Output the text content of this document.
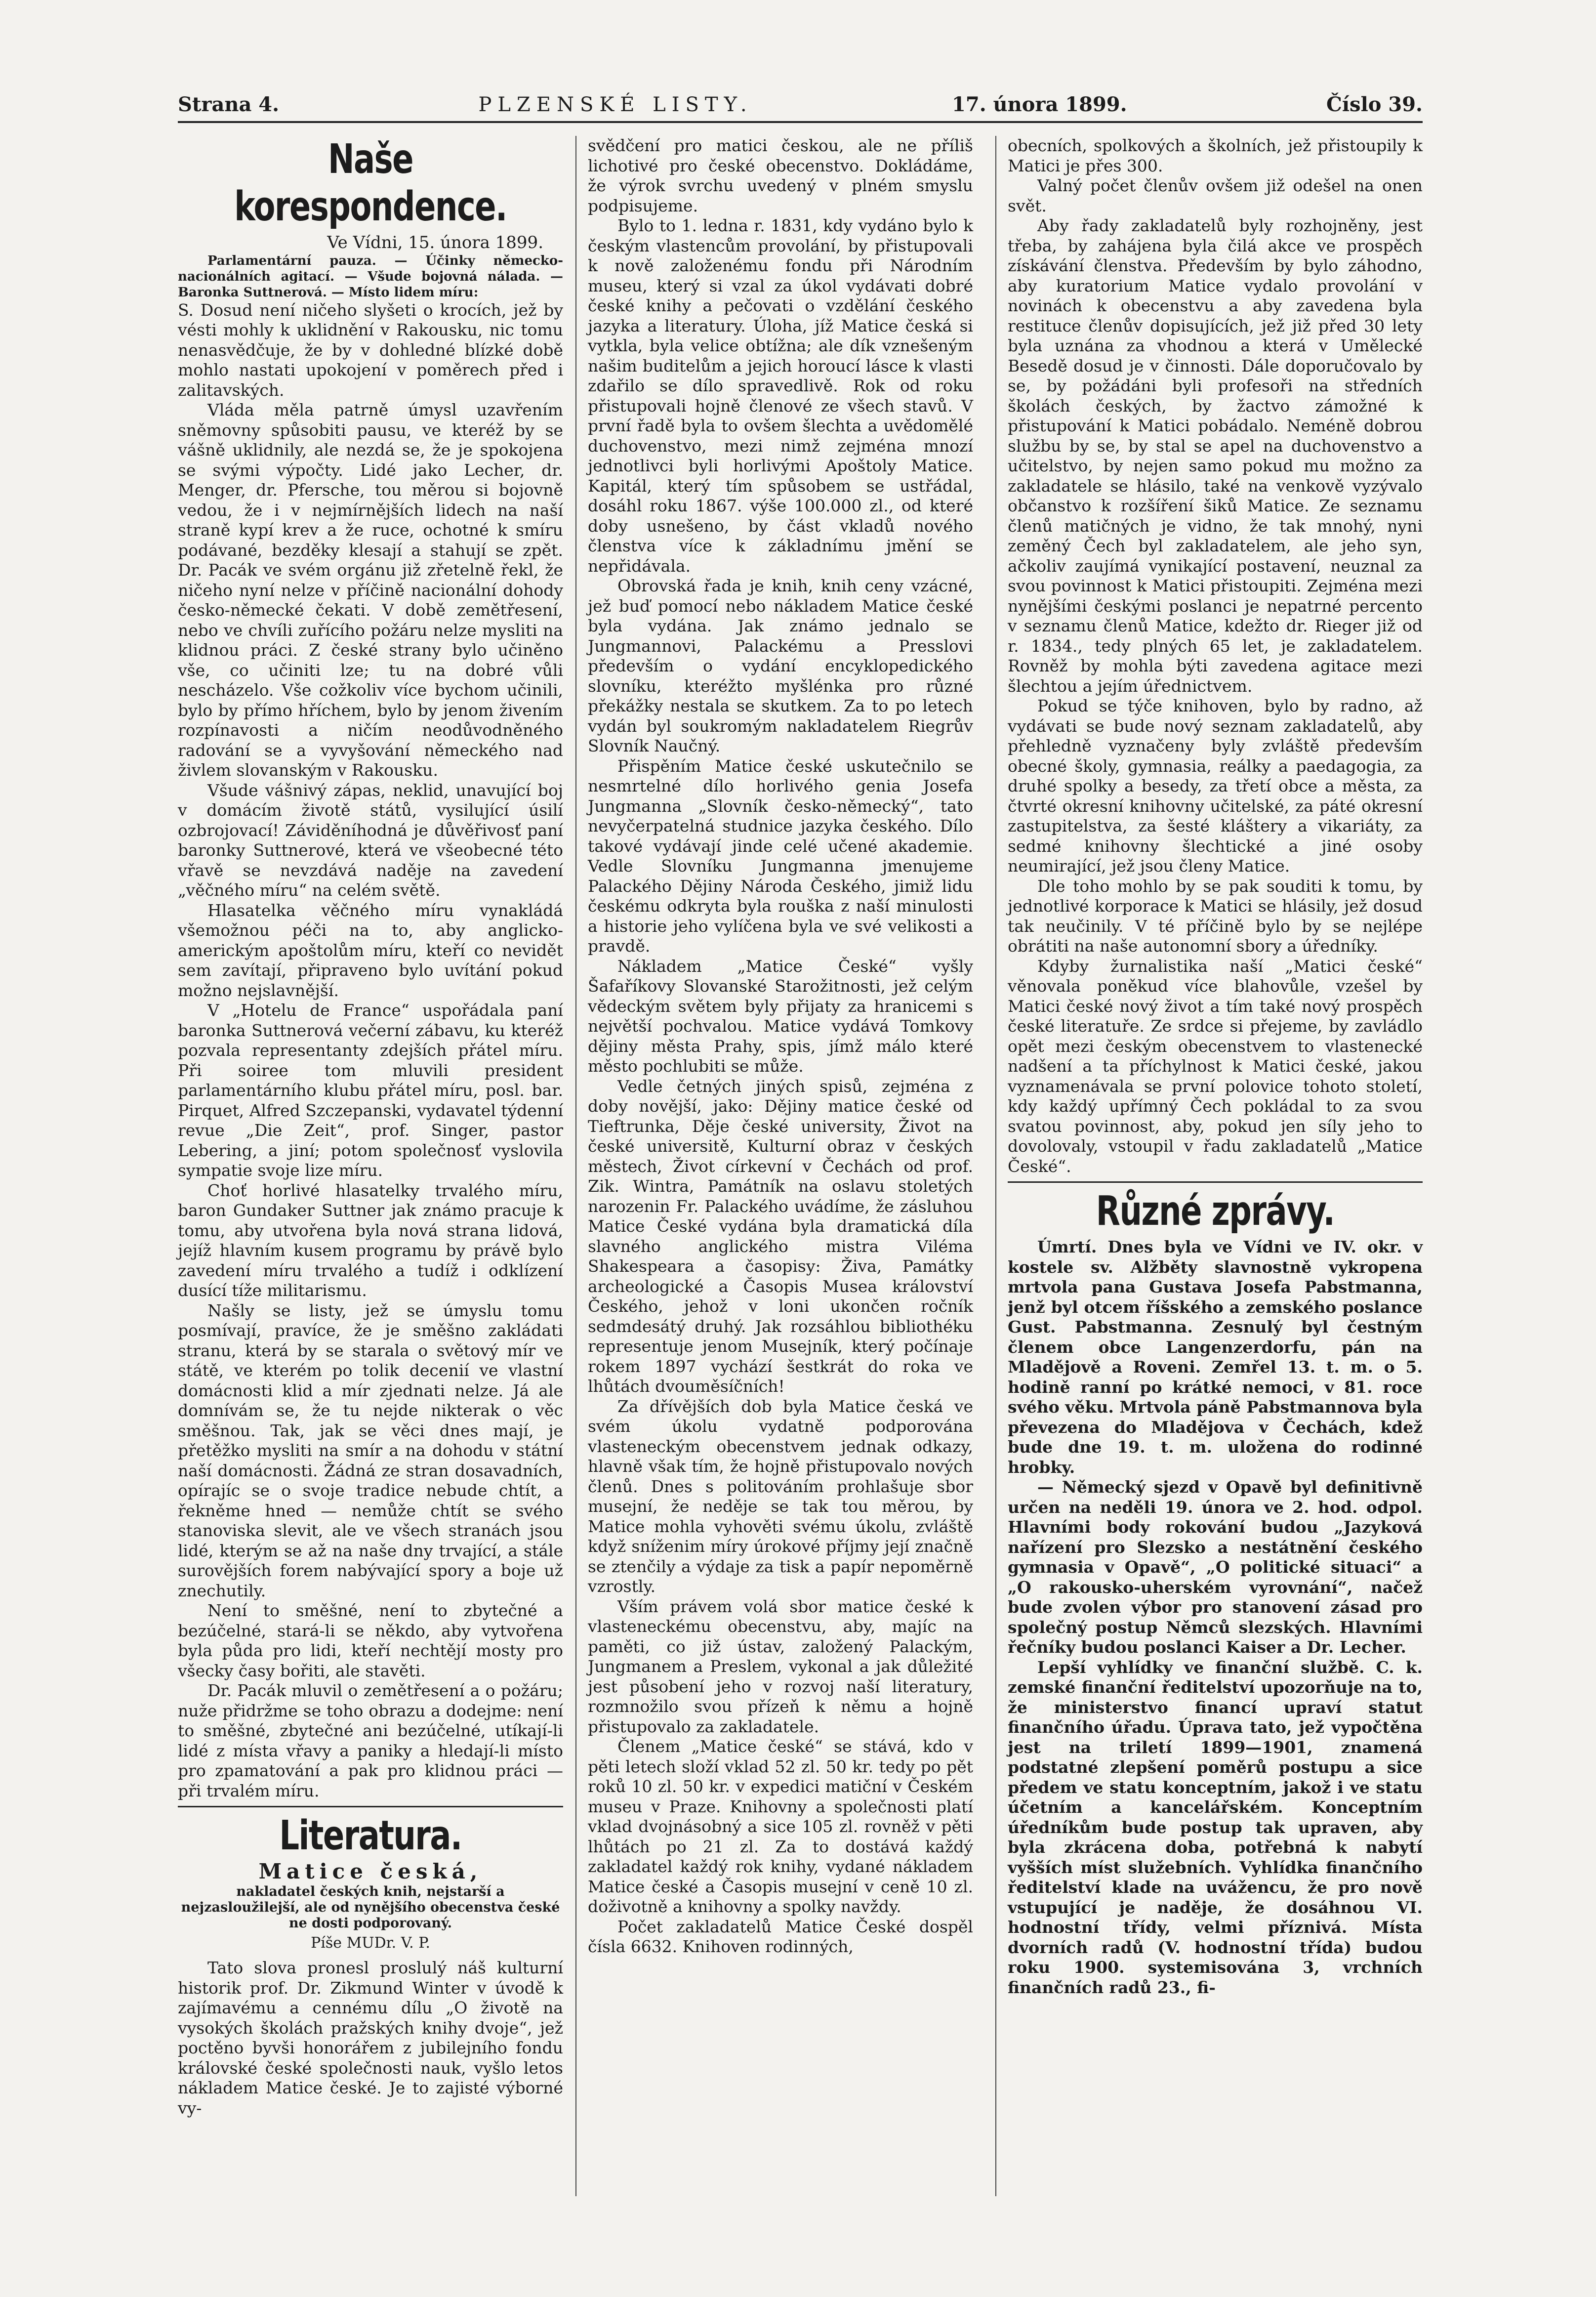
Strana 4.	PLZENSKÉ LISTY.	17. února 1899.	Číslo 39.
Naše korespondence.
Ve Vídni, 15. února 1899.

Parlamentární pauza. — Účinky německo-nacionálních agitací. — Všude bojovná nálada. — Baronka Suttnerová. — Místo lidem míru:

S. Dosud není ničeho slyšeti o krocích, jež by vésti mohly k uklidnění v Rakousku, nic tomu nenasvědčuje, že by v dohledné blízké době mohlo nastati upokojení v poměrech před i zalitavských.

Vláda měla patrně úmysl uzavřením sněmovny spůsobiti pausu, ve kteréž by se vášně uklidnily, ale nezdá se, že je spokojena se svými výpočty. Lidé jako Lecher, dr. Menger, dr. Pfersche, tou měrou si bojovně vedou, že i v nejmírnějších lidech na naší straně kypí krev a že ruce, ochotné k smíru podávané, bezděky klesají a stahují se zpět. Dr. Pacák ve svém orgánu již zřetelně řekl, že ničeho nyní nelze v příčině nacionální dohody česko-německé čekati. V době zemětřesení, nebo ve chvíli zuřícího požáru nelze mysliti na klidnou práci. Z české strany bylo učiněno vše, co učiniti lze; tu na dobré vůli nescházelo. Vše cožkoliv více bychom učinili, bylo by přímo hříchem, bylo by jenom živením rozpínavosti a ničím neodůvodněného radování se a vyvyšování německého nad živlem slovanským v Rakousku.

Všude vášnivý zápas, neklid, unavující boj v domácím životě států, vysilující úsilí ozbrojovací! Záviděníhodná je důvěřivosť paní baronky Suttnerové, která ve všeobecné této vřavě se nevzdává naděje na zavedení „věčného míru“ na celém světě.

Hlasatelka věčného míru vynakládá všemožnou péči na to, aby anglicko-americkým apoštolům míru, kteří co nevidět sem zavítají, připraveno bylo uvítání pokud možno nejslavnější.

V „Hotelu de France“ uspořádala paní baronka Suttnerová večerní zábavu, ku kteréž pozvala representanty zdejších přátel míru. Při soiree tom mluvili president parlamentárního klubu přátel míru, posl. bar. Pirquet, Alfred Szczepanski, vydavatel týdenní revue „Die Zeit“, prof. Singer, pastor Lebering, a jiní; potom společnosť vyslovila sympatie svoje lize míru.

Choť horlivé hlasatelky trvalého míru, baron Gundaker Suttner jak známo pracuje k tomu, aby utvořena byla nová strana lidová, jejíž hlavním kusem programu by právě bylo zavedení míru trvalého a tudíž i odklízení dusící tíže militarismu.

Našly se listy, jež se úmyslu tomu posmívají, pravíce, že je směšno zakládati stranu, která by se starala o světový mír ve státě, ve kterém po tolik decenií ve vlastní domácnosti klid a mír zjednati nelze. Já ale domnívám se, že tu nejde nikterak o věc směšnou. Tak, jak se věci dnes mají, je přetěžko mysliti na smír a na dohodu v státní naší domácnosti. Žádná ze stran dosavadních, opírajíc se o svoje tradice nebude chtít, a řekněme hned — nemůže chtít se svého stanoviska slevit, ale ve všech stranách jsou lidé, kterým se až na naše dny trvající, a stále surovějších forem nabývající spory a boje už znechutily.

Není to směšné, není to zbytečné a bezúčelné, stará-li se někdo, aby vytvořena byla půda pro lidi, kteří nechtějí mosty pro všecky časy bořiti, ale stavěti.

Dr. Pacák mluvil o zemětřesení a o požáru; nuže přidržme se toho obrazu a dodejme: není to směšné, zbytečné ani bezúčelné, utíkají-li lidé z místa vřavy a paniky a hledají-li místo pro zpamatování a pak pro klidnou práci — při trvalém míru.

Literatura.
Matice česká,
nakladatel českých knih, nejstarší a nejzasloužilejší, ale od nynějšího obecenstva české ne dosti podporovaný.
Píše MUDr. V. P.

Tato slova pronesl proslulý náš kulturní historik prof. Dr. Zikmund Winter v úvodě k zajímavému a cennému dílu „O životě na vysokých školách pražských knihy dvoje“, jež poctěno byvši honorářem z jubilejního fondu královské české společnosti nauk, vyšlo letos nákladem Matice české. Je to zajisté výborné vy-

svědčení pro matici českou, ale ne příliš lichotivé pro české obecenstvo. Dokládáme, že výrok svrchu uvedený v plném smyslu podpisujeme.

Bylo to 1. ledna r. 1831, kdy vydáno bylo k českým vlastencům provolání, by přistupovali k nově založenému fondu při Národním museu, který si vzal za úkol vydávati dobré české knihy a pečovati o vzdělání českého jazyka a literatury. Úloha, jíž Matice česká si vytkla, byla velice obtížna; ale dík vznešeným našim buditelům a jejich horoucí lásce k vlasti zdařilo se dílo spravedlivě. Rok od roku přistupovali hojně členové ze všech stavů. V první řadě byla to ovšem šlechta a uvědomělé duchovenstvo, mezi nimž zejména mnozí jednotlivci byli horlivými Apoštoly Matice. Kapitál, který tím spůsobem se ustřádal, dosáhl roku 1867. výše 100.000 zl., od které doby usnešeno, by část vkladů nového členstva více k základnímu jmění se nepřidávala.

Obrovská řada je knih, knih ceny vzácné, jež buď pomocí nebo nákladem Matice české byla vydána. Jak známo jednalo se Jungmannovi, Palackému a Presslovi především o vydání encyklopedického slovníku, kteréžto myšlénka pro různé překážky nestala se skutkem. Za to po letech vydán byl soukromým nakladatelem Riegrův Slovník Naučný.

Přispěním Matice české uskutečnilo se nesmrtelné dílo horlivého genia Josefa Jungmanna „Slovník česko-německý“, tato nevyčerpatelná studnice jazyka českého. Dílo takové vydávají jinde celé učené akademie. Vedle Slovníku Jungmanna jmenujeme Palackého Dějiny Národa Českého, jimiž lidu českému odkryta byla rouška z naší minulosti a historie jeho vylíčena byla ve své velikosti a pravdě.

Nákladem „Matice České“ vyšly Šafaříkovy Slovanské Starožitnosti, jež celým vědeckým světem byly přijaty za hranicemi s největší pochvalou. Matice vydává Tomkovy dějiny města Prahy, spis, jímž málo které město pochlubiti se může.

Vedle četných jiných spisů, zejména z doby novější, jako: Dějiny matice české od Tieftrunka, Děje české university, Život na české universitě, Kulturní obraz v českých městech, Život církevní v Čechách od prof. Zik. Wintra, Památník na oslavu stoletých narozenin Fr. Palackého uvádíme, že zásluhou Matice České vydána byla dramatická díla slavného anglického mistra Viléma Shakespeara a časopisy: Živa, Památky archeologické a Časopis Musea království Českého, jehož v loni ukončen ročník sedmdesátý druhý. Jak rozsáhlou bibliothéku representuje jenom Musejník, který počínaje rokem 1897 vychází šestkrát do roka ve lhůtách dvouměsíčních!

Za dřívějších dob byla Matice česká ve svém úkolu vydatně podporována vlasteneckým obecenstvem jednak odkazy, hlavně však tím, že hojně přistupovalo nových členů. Dnes s politováním prohlašuje sbor musejní, že neděje se tak tou měrou, by Matice mohla vyhověti svému úkolu, zvláště když sníženim míry úrokové příjmy její značně se ztenčily a výdaje za tisk a papír nepoměrně vzrostly.

Vším právem volá sbor matice české k vlasteneckému obecenstvu, aby, majíc na paměti, co již ústav, založený Palackým, Jungmanem a Preslem, vykonal a jak důležité jest působení jeho v rozvoj naší literatury, rozmnožilo svou přízeň k němu a hojně přistupovalo za zakladatele.

Členem „Matice české“ se stává, kdo v pěti letech složí vklad 52 zl. 50 kr. tedy po pět roků 10 zl. 50 kr. v expedici matiční v Českém museu v Praze. Knihovny a společnosti platí vklad dvojnásobný a sice 105 zl. rovněž v pěti lhůtách po 21 zl. Za to dostává každý zakladatel každý rok knihy, vydané nákladem Matice české a Časopis musejní v ceně 10 zl. doživotně a knihovny a spolky navždy.

Počet zakladatelů Matice České dospěl čísla 6632. Knihoven rodinných,

obecních, spolkových a školních, jež přistoupily k Matici je přes 300.

Valný počet členův ovšem již odešel na onen svět.

Aby řady zakladatelů byly rozhojněny, jest třeba, by zahájena byla čilá akce ve prospěch získávání členstva. Především by bylo záhodno, aby kuratorium Matice vydalo provolání v novinách k obecenstvu a aby zavedena byla restituce členův dopisujících, jež již před 30 lety byla uznána za vhodnou a která v Umělecké Besedě dosud je v činnosti. Dále doporučovalo by se, by požádáni byli profesoři na středních školách českých, by žactvo zámožné k přistupování k Matici pobádalo. Neméně dobrou službu by se, by stal se apel na duchovenstvo a učitelstvo, by nejen samo pokud mu možno za zakladatele se hlásilo, také na venkově vyzývalo občanstvo k rozšíření šiků Matice. Ze seznamu členů matičných je vidno, že tak mnohý, nyni zeměný Čech byl zakladatelem, ale jeho syn, ačkoliv zaujímá vynikající postavení, neuznal za svou povinnost k Matici přistoupiti. Zejména mezi nynějšími českými poslanci je nepatrné percento v seznamu členů Matice, kdežto dr. Rieger již od r. 1834., tedy plných 65 let, je zakladatelem. Rovněž by mohla býti zavedena agitace mezi šlechtou a jejím úřednictvem.

Pokud se týče knihoven, bylo by radno, až vydávati se bude nový seznam zakladatelů, aby přehledně vyznačeny byly zvláště především obecné školy, gymnasia, reálky a paedagogia, za druhé spolky a besedy, za třetí obce a města, za čtvrté okresní knihovny učitelské, za páté okresní zastupitelstva, za šesté kláštery a vikariáty, za sedmé knihovny šlechtické a jiné osoby neumirající, jež jsou členy Matice.

Dle toho mohlo by se pak souditi k tomu, by jednotlivé korporace k Matici se hlásily, jež dosud tak neučinily. V té příčině bylo by se nejlépe obrátiti na naše autonomní sbory a úředníky.

Kdyby žurnalistika naší „Matici české“ věnovala poněkud více blahovůle, vzešel by Matici české nový život a tím také nový prospěch české literatuře. Ze srdce si přejeme, by zavládlo opět mezi českým obecenstvem to vlastenecké nadšení a ta příchylnost k Matici české, jakou vyznamenávala se první polovice tohoto století, kdy každý upřímný Čech pokládal to za svou svatou povinnost, aby, pokud jen síly jeho to dovolovaly, vstoupil v řadu zakladatelů „Matice České“.

Různé zprávy.

Úmrtí. Dnes byla ve Vídni ve IV. okr. v kostele sv. Alžběty slavnostně vykropena mrtvola pana Gustava Josefa Pabstmanna, jenž byl otcem říšského a zemského poslance Gust. Pabstmanna. Zesnulý byl čestným členem obce Langenzerdorfu, pán na Mladějově a Roveni. Zemřel 13. t. m. o 5. hodině ranní po krátké nemoci, v 81. roce svého věku. Mrtvola páně Pabstmannova byla převezena do Mladějova v Čechách, kdež bude dne 19. t. m. uložena do rodinné hrobky.

— Německý sjezd v Opavě byl definitivně určen na neděli 19. února ve 2. hod. odpol. Hlavními body rokování budou „Jazyková nařízení pro Slezsko a nestátnění českého gymnasia v Opavě“, „O politické situaci“ a „O rakousko-uherském vyrovnání“, načež bude zvolen výbor pro stanovení zásad pro společný postup Němců slezských. Hlavními řečníky budou poslanci Kaiser a Dr. Lecher.

Lepší vyhlídky ve finanční službě. C. k. zemské finanční ředitelství upozorňuje na to, že ministerstvo financí upraví statut finančního úřadu. Úprava tato, jež vypočtěna jest na triletí 1899—1901, znamená podstatné zlepšení poměrů postupu a sice předem ve statu konceptním, jakož i ve statu účetním a kancelářském. Konceptním úředníkům bude postup tak upraven, aby byla zkrácena doba, potřebná k nabytí vyšších míst služebních. Vyhlídka finančního ředitelství klade na uvážencu, že pro nově vstupující je naděje, že dosáhnou VI. hodnostní třídy, velmi příznivá. Místa dvorních radů (V. hodnostní třída) budou roku 1900. systemisována 3, vrchních finančních radů 23., fi-
